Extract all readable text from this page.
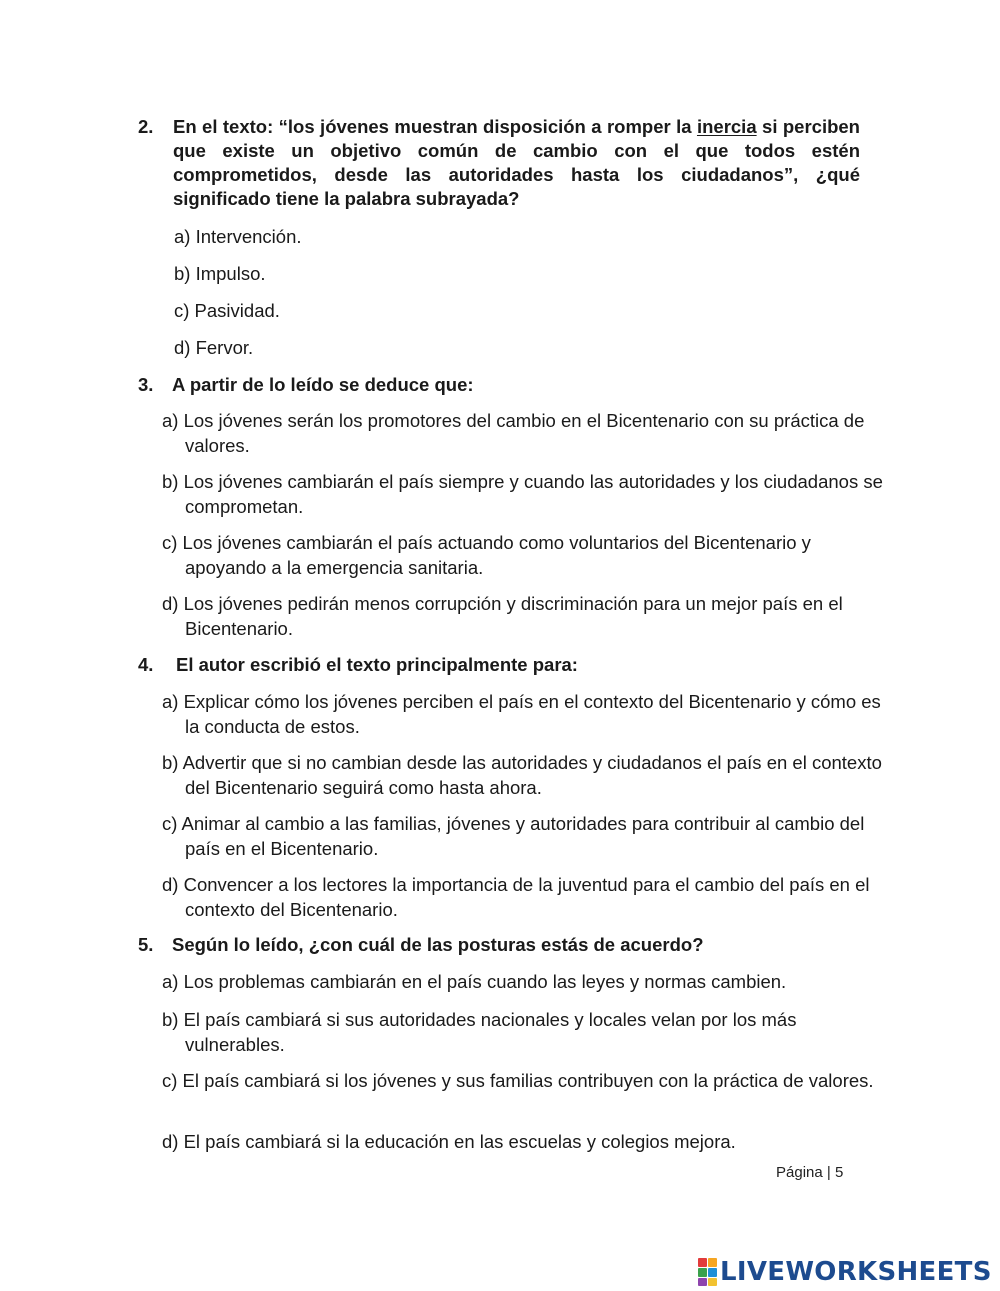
2. En el texto: “los jóvenes muestran disposición a romper la inercia si perciben que existe un objetivo común de cambio con el que todos estén comprometidos, desde las autoridades hasta los ciudadanos”, ¿qué significado tiene la palabra subrayada?
a) Intervención.
b) Impulso.
c) Pasividad.
d) Fervor.
3. A partir de lo leído se deduce que:
a) Los jóvenes serán los promotores del cambio en el Bicentenario con su práctica de valores.
b) Los jóvenes cambiarán el país siempre y cuando las autoridades y los ciudadanos se comprometan.
c) Los jóvenes cambiarán el país actuando como voluntarios del Bicentenario y apoyando a la emergencia sanitaria.
d) Los jóvenes pedirán menos corrupción y discriminación para un mejor país en el Bicentenario.
4. El autor escribió el texto principalmente para:
a) Explicar cómo los jóvenes perciben el país en el contexto del Bicentenario y cómo es la conducta de estos.
b) Advertir que si no cambian desde las autoridades y ciudadanos el país en el contexto del Bicentenario seguirá como hasta ahora.
c) Animar al cambio a las familias, jóvenes y autoridades para contribuir al cambio del país en el Bicentenario.
d) Convencer a los lectores la importancia de la juventud para el cambio del país en el contexto del Bicentenario.
5. Según lo leído, ¿con cuál de las posturas estás de acuerdo?
a) Los problemas cambiarán en el país cuando las leyes y normas cambien.
b) El país cambiará si sus autoridades nacionales y locales velan por los más vulnerables.
c) El país cambiará si los jóvenes y sus familias contribuyen con la práctica de valores.
d) El país cambiará si la educación en las escuelas y colegios mejora.
Página | 5
LIVEWORKSHEETS
